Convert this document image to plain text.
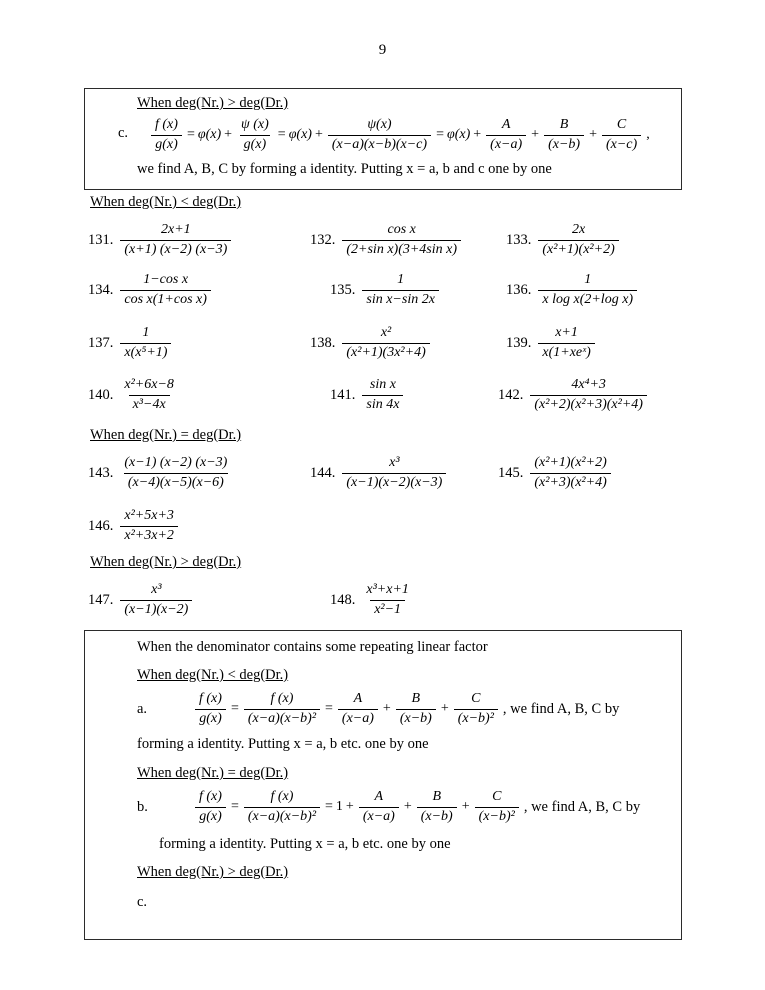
9
When deg(Nr.) > deg(Dr.)
c. $\frac{f (x)}{g(x)} = \varphi(x) + \frac{\psi (x)}{g(x)} = \varphi(x) + \frac{\psi(x)}{(x-a)(x-b)(x-c)} = \varphi(x) + \frac{A}{(x-a)} + \frac{B}{(x-b)} + \frac{C}{(x-c)}$ ,
we find A, B, C by forming a identity. Putting x = a, b and c one by one
When deg(Nr.) < deg(Dr.)
131. $\frac{2x+1}{(x+1) (x-2) (x-3)}$	132. $\frac{\text{cos x}}{\text{(2+sin x)(3+4sin x)}}$	133. $\frac{2x}{\text{(x²+1)(x²+2)}}$
134. $\frac{\text{1−cos x}}{\text{cos x(1+cos x)}}$	135. $\frac{1}{\text{sin x−sin 2x}}$	136. $\frac{1}{\text{x log x(2+log x)}}$
137. $\frac{1}{\text{x(x⁵+1)}}$	138. $\frac{\text{x²}}{\text{(x²+1)(3x²+4)}}$	139. $\frac{x+1}{\text{x(1+xeˣ)}}$
140. $\frac{\text{x²+6x−8}}{\text{x³−4x}}$	141. $\frac{\text{sin x}}{\sin 4x}$	142. $\frac{\text{4x⁴+3}}{\text{(x²+2)(x²+3)(x²+4)}}$
When deg(Nr.) = deg(Dr.)
143. $\frac{(x-1) (x-2) (x-3)}{(x-4)(x-5)(x-6)}$	144. $\frac{\text{x³}}{(x-1)(x-2)(x-3)}$	145. $\frac{\text{(x²+1)(x²+2)}}{\text{(x²+3)(x²+4)}}$
146. $\frac{\text{x²+5x+3}}{\text{x²+3x+2}}$
When deg(Nr.) > deg(Dr.)
147. $\frac{\text{x³}}{(x-1)(x-2)}$	148. $\frac{\text{x³+x+1}}{\text{x²−1}}$
When the denominator contains some repeating linear factor
When deg(Nr.) < deg(Dr.)
a.	$\frac{f (x)}{g(x)} = \frac{f (x)}{\text{(x−a)(x−b)²}} = \frac{A}{(x-a)} + \frac{B}{(x-b)} + \frac{C}{\text{(x−b)²}}$ , we find A, B, C by
forming a identity. Putting x = a, b etc. one by one
When deg(Nr.) = deg(Dr.)
b.	$\frac{f (x)}{g(x)} = \frac{f (x)}{\text{(x−a)(x−b)²}} = 1 + \frac{A}{(x-a)} + \frac{B}{(x-b)} + \frac{C}{\text{(x−b)²}}$ , we find A, B, C by
forming a identity. Putting x = a, b etc. one by one
When deg(Nr.) > deg(Dr.)
c.
